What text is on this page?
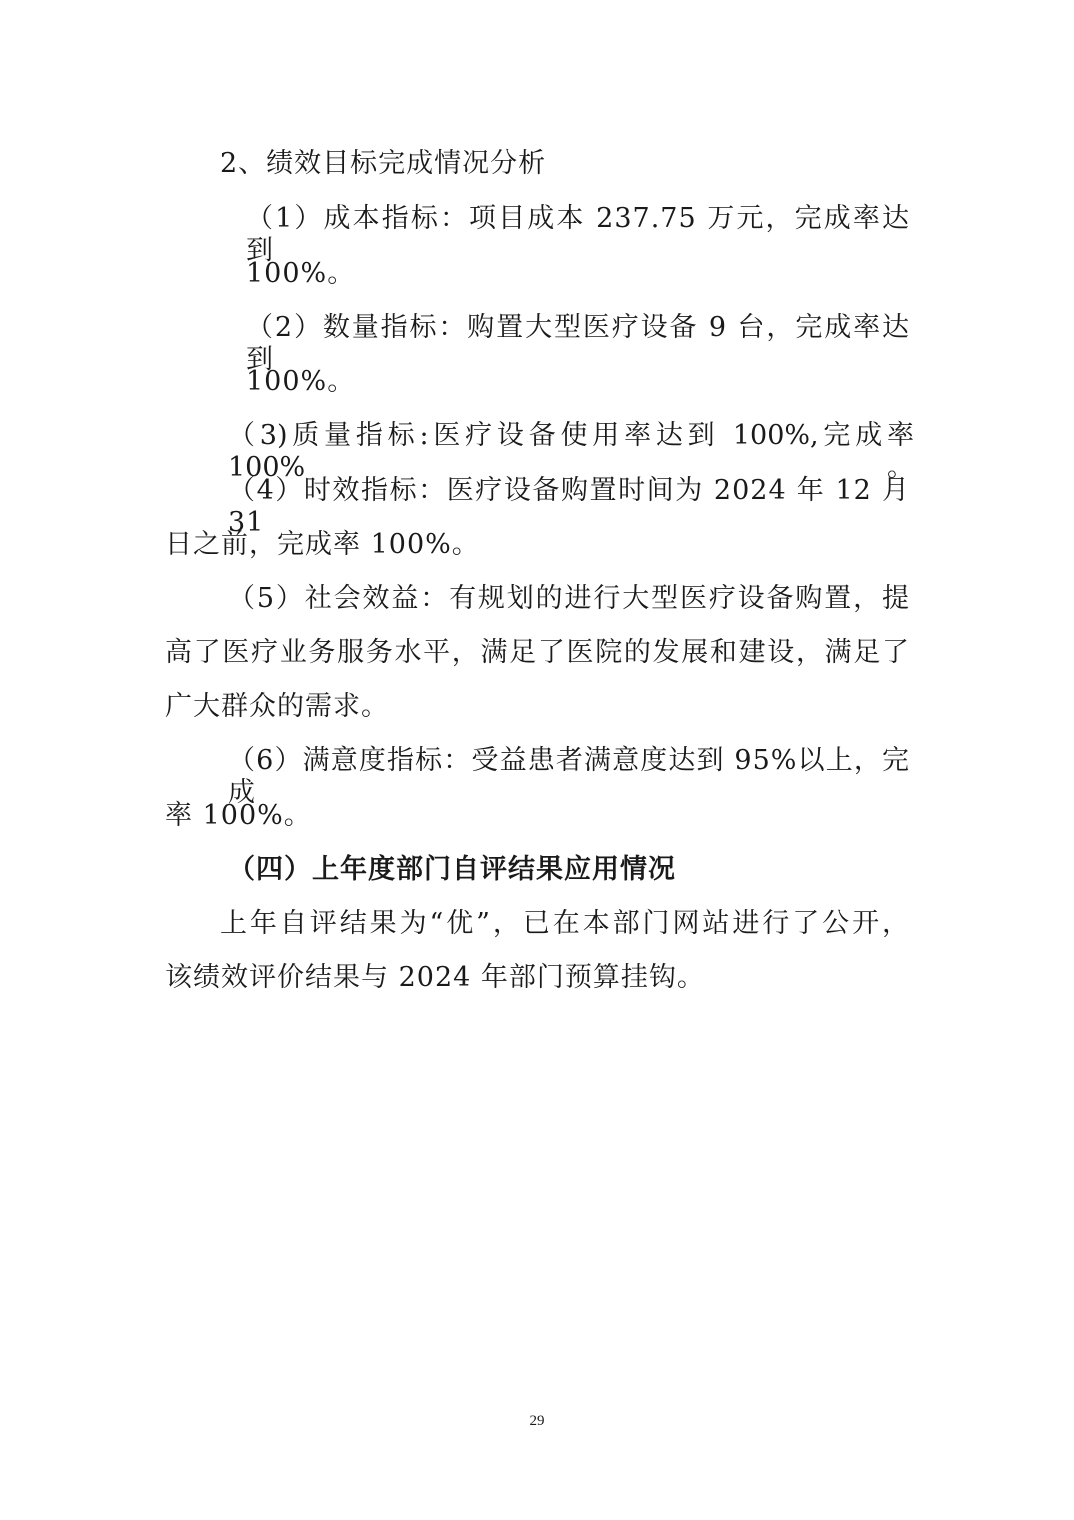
2、绩效目标完成情况分析
（1）成本指标：项目成本 237.75 万元，完成率达到
100%。
（2）数量指标：购置大型医疗设备 9 台，完成率达到
100%。
（3)质量指标:医疗设备使用率达到 100%,完成率 100%。
（4）时效指标：医疗设备购置时间为 2024 年 12 月 31
日之前，完成率 100%。
（5）社会效益：有规划的进行大型医疗设备购置，提
高了医疗业务服务水平，满足了医院的发展和建设，满足了
广大群众的需求。
（6）满意度指标：受益患者满意度达到 95%以上，完成
率 100%。
（四）上年度部门自评结果应用情况
上年自评结果为“优”，已在本部门网站进行了公开，
该绩效评价结果与 2024 年部门预算挂钩。
29
